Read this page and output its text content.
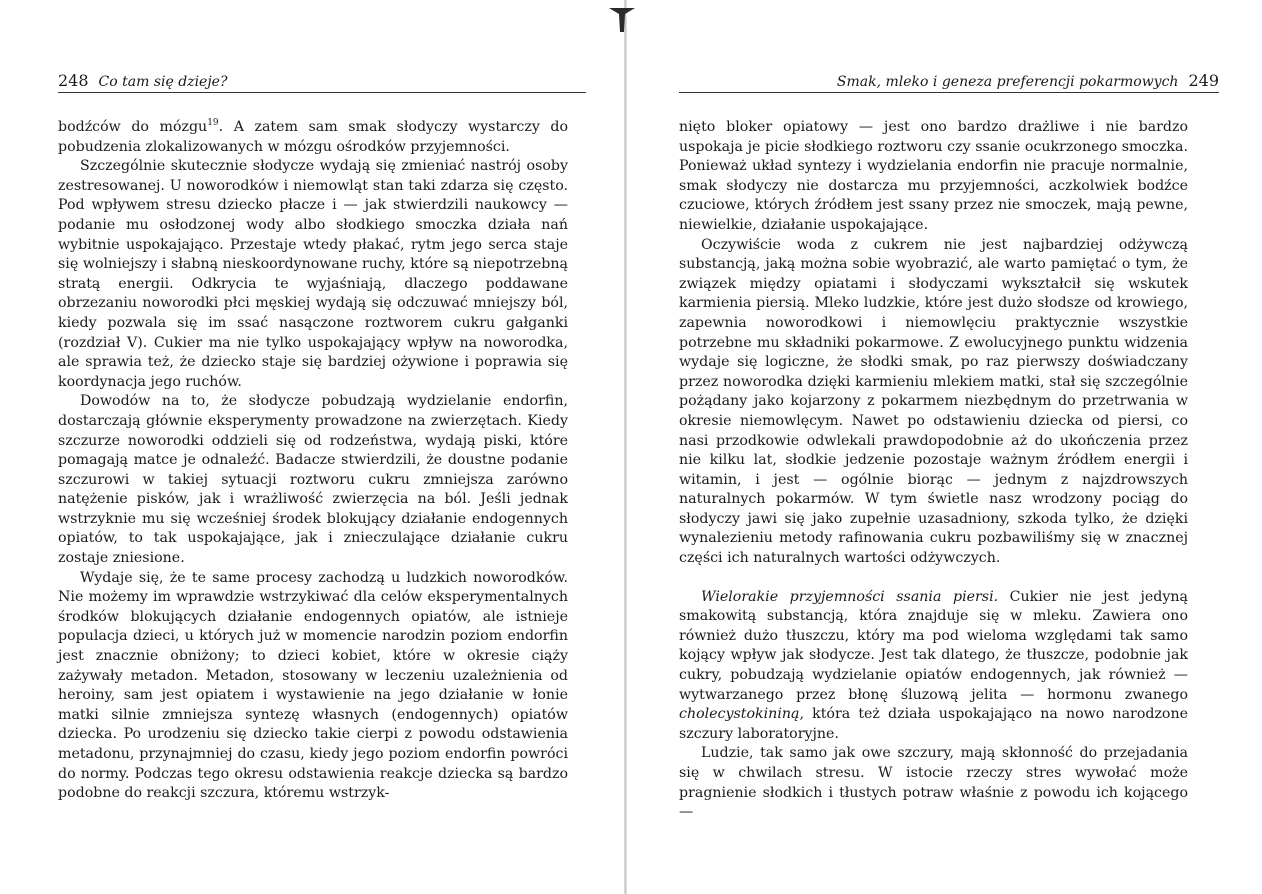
248 Co tam się dzieje?

bodźców do mózgu$^{19}$. A zatem sam smak słodyczy wystarczy do pobudzenia zlokalizowanych w mózgu ośrodków przyjemności.

Szczególnie skutecznie słodycze wydają się zmieniać nastrój osoby zestresowanej. U noworodków i niemowląt stan taki zdarza się często. Pod wpływem stresu dziecko płacze i — jak stwierdzili naukowcy — podanie mu osłodzonej wody albo słodkiego smoczka działa nań wybitnie uspokajająco. Przestaje wtedy płakać, rytm jego serca staje się wolniejszy i słabną nieskoordynowane ruchy, które są niepotrzebną stratą energii. Odkrycia te wyjaśniają, dlaczego poddawane obrzezaniu noworodki płci męskiej wydają się odczuwać mniejszy ból, kiedy pozwala się im ssać nasączone roztworem cukru gałganki (rozdział V). Cukier ma nie tylko uspokajający wpływ na noworodka, ale sprawia też, że dziecko staje się bardziej ożywione i poprawia się koordynacja jego ruchów.

Dowodów na to, że słodycze pobudzają wydzielanie endorfin, dostarczają głównie eksperymenty prowadzone na zwierzętach. Kiedy szczurze noworodki oddzieli się od rodzeństwa, wydają piski, które pomagają matce je odnaleźć. Badacze stwierdzili, że doustne podanie szczurowi w takiej sytuacji roztworu cukru zmniejsza zarówno natężenie pisków, jak i wrażliwość zwierzęcia na ból. Jeśli jednak wstrzyknie mu się wcześniej środek blokujący działanie endogennych opiatów, to tak uspokajające, jak i znieczulające działanie cukru zostaje zniesione.

Wydaje się, że te same procesy zachodzą u ludzkich noworodków. Nie możemy im wprawdzie wstrzykiwać dla celów eksperymentalnych środków blokujących działanie endogennych opiatów, ale istnieje populacja dzieci, u których już w momencie narodzin poziom endorfin jest znacznie obniżony; to dzieci kobiet, które w okresie ciąży zażywały metadon. Metadon, stosowany w leczeniu uzależnienia od heroiny, sam jest opiatem i wystawienie na jego działanie w łonie matki silnie zmniejsza syntezę własnych (endogennych) opiatów dziecka. Po urodzeniu się dziecko takie cierpi z powodu odstawienia metadonu, przynajmniej do czasu, kiedy jego poziom endorfin powróci do normy. Podczas tego okresu odstawienia reakcje dziecka są bardzo podobne do reakcji szczura, któremu wstrzyk-

Smak, mleko i geneza preferencji pokarmowych 249

nięto bloker opiatowy — jest ono bardzo drażliwe i nie bardzo uspokaja je picie słodkiego roztworu czy ssanie ocukrzonego smoczka. Ponieważ układ syntezy i wydzielania endorfin nie pracuje normalnie, smak słodyczy nie dostarcza mu przyjemności, aczkolwiek bodźce czuciowe, których źródłem jest ssany przez nie smoczek, mają pewne, niewielkie, działanie uspokajające.

Oczywiście woda z cukrem nie jest najbardziej odżywczą substancją, jaką można sobie wyobrazić, ale warto pamiętać o tym, że związek między opiatami i słodyczami wykształcił się wskutek karmienia piersią. Mleko ludzkie, które jest dużo słodsze od krowiego, zapewnia noworodkowi i niemowlęciu praktycznie wszystkie potrzebne mu składniki pokarmowe. Z ewolucyjnego punktu widzenia wydaje się logiczne, że słodki smak, po raz pierwszy doświadczany przez noworodka dzięki karmieniu mlekiem matki, stał się szczególnie pożądany jako kojarzony z pokarmem niezbędnym do przetrwania w okresie niemowlęcym. Nawet po odstawieniu dziecka od piersi, co nasi przodkowie odwlekali prawdopodobnie aż do ukończenia przez nie kilku lat, słodkie jedzenie pozostaje ważnym źródłem energii i witamin, i jest — ogólnie biorąc — jednym z najzdrowszych naturalnych pokarmów. W tym świetle nasz wrodzony pociąg do słodyczy jawi się jako zupełnie uzasadniony, szkoda tylko, że dzięki wynalezieniu metody rafinowania cukru pozbawiliśmy się w znacznej części ich naturalnych wartości odżywczych.

Wielorakie przyjemności ssania piersi. Cukier nie jest jedyną smakowitą substancją, która znajduje się w mleku. Zawiera ono również dużo tłuszczu, który ma pod wieloma względami tak samo kojący wpływ jak słodycze. Jest tak dlatego, że tłuszcze, podobnie jak cukry, pobudzają wydzielanie opiatów endogennych, jak również — wytwarzanego przez błonę śluzową jelita — hormonu zwanego cholecystokininą, która też działa uspokajająco na nowo narodzone szczury laboratoryjne.

Ludzie, tak samo jak owe szczury, mają skłonność do przejadania się w chwilach stresu. W istocie rzeczy stres wywołać może pragnienie słodkich i tłustych potraw właśnie z powodu ich kojącego —
